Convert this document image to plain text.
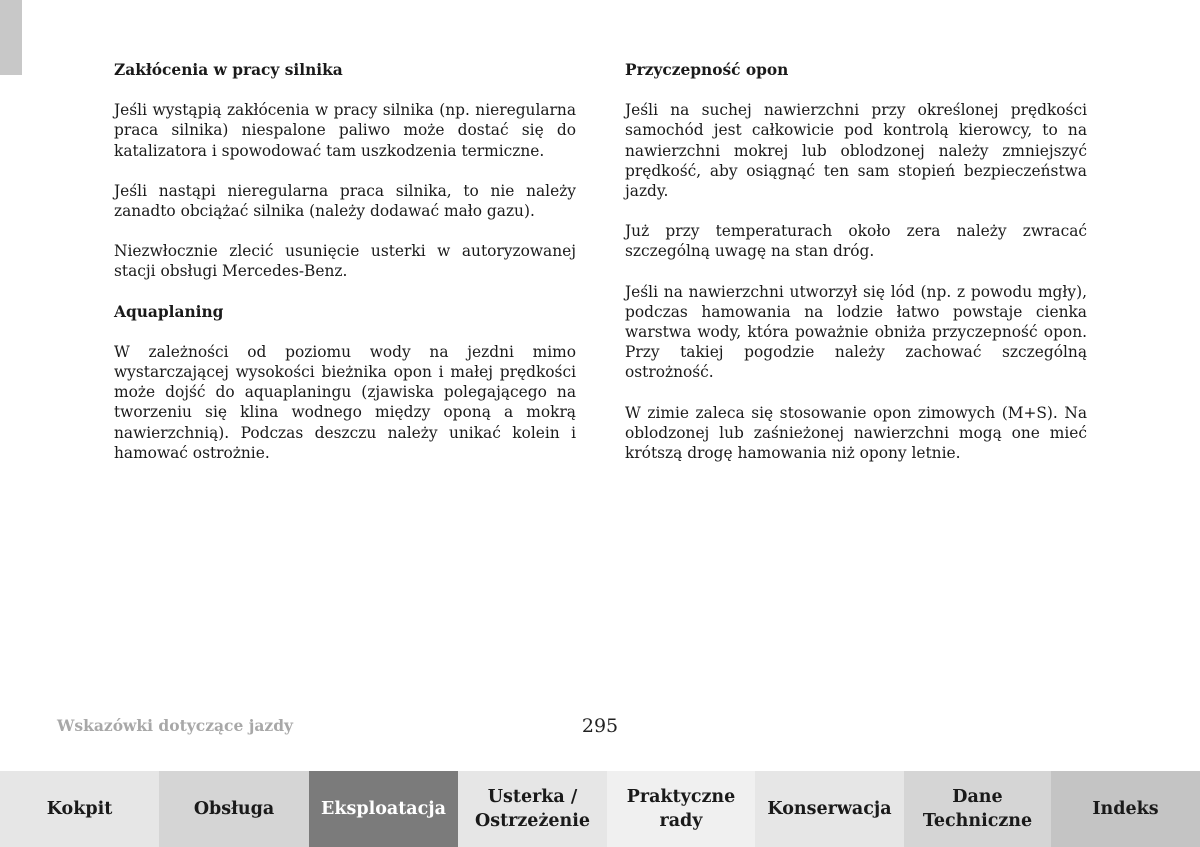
Zakłócenia w pracy silnika

Jeśli wystąpią zakłócenia w pracy silnika (np. nieregularna praca silnika) niespalone paliwo może dostać się do katalizatora i spowodować tam uszkodzenia termiczne.

Jeśli nastąpi nieregularna praca silnika, to nie należy zanadto obciążać silnika (należy dodawać mało gazu).

Niezwłocznie zlecić usunięcie usterki w autoryzowanej stacji obsługi Mercedes-Benz.

Aquaplaning

W zależności od poziomu wody na jezdni mimo wystarczającej wysokości bieżnika opon i małej prędkości może dojść do aquaplaningu (zjawiska polegającego na tworzeniu się klina wodnego między oponą a mokrą nawierzchnią). Podczas deszczu należy unikać kolein i hamować ostrożnie.

Przyczepność opon

Jeśli na suchej nawierzchni przy określonej prędkości samochód jest całkowicie pod kontrolą kierowcy, to na nawierzchni mokrej lub oblodzonej należy zmniejszyć prędkość, aby osiągnąć ten sam stopień bezpieczeństwa jazdy.

Już przy temperaturach około zera należy zwracać szczególną uwagę na stan dróg.

Jeśli na nawierzchni utworzył się lód (np. z powodu mgły), podczas hamowania na lodzie łatwo powstaje cienka warstwa wody, która poważnie obniża przyczepność opon. Przy takiej pogodzie należy zachować szczególną ostrożność.

W zimie zaleca się stosowanie opon zimowych (M+S). Na oblodzonej lub zaśnieżonej nawierzchni mogą one mieć krótszą drogę hamowania niż opony letnie.

Wskazówki dotyczące jazdy	295
Kokpit	Obsługa	Eksploatacja
Usterka /
Ostrzeżenie
Praktyczne
rady
Konserwacja
Dane
Techniczne
Indeks
